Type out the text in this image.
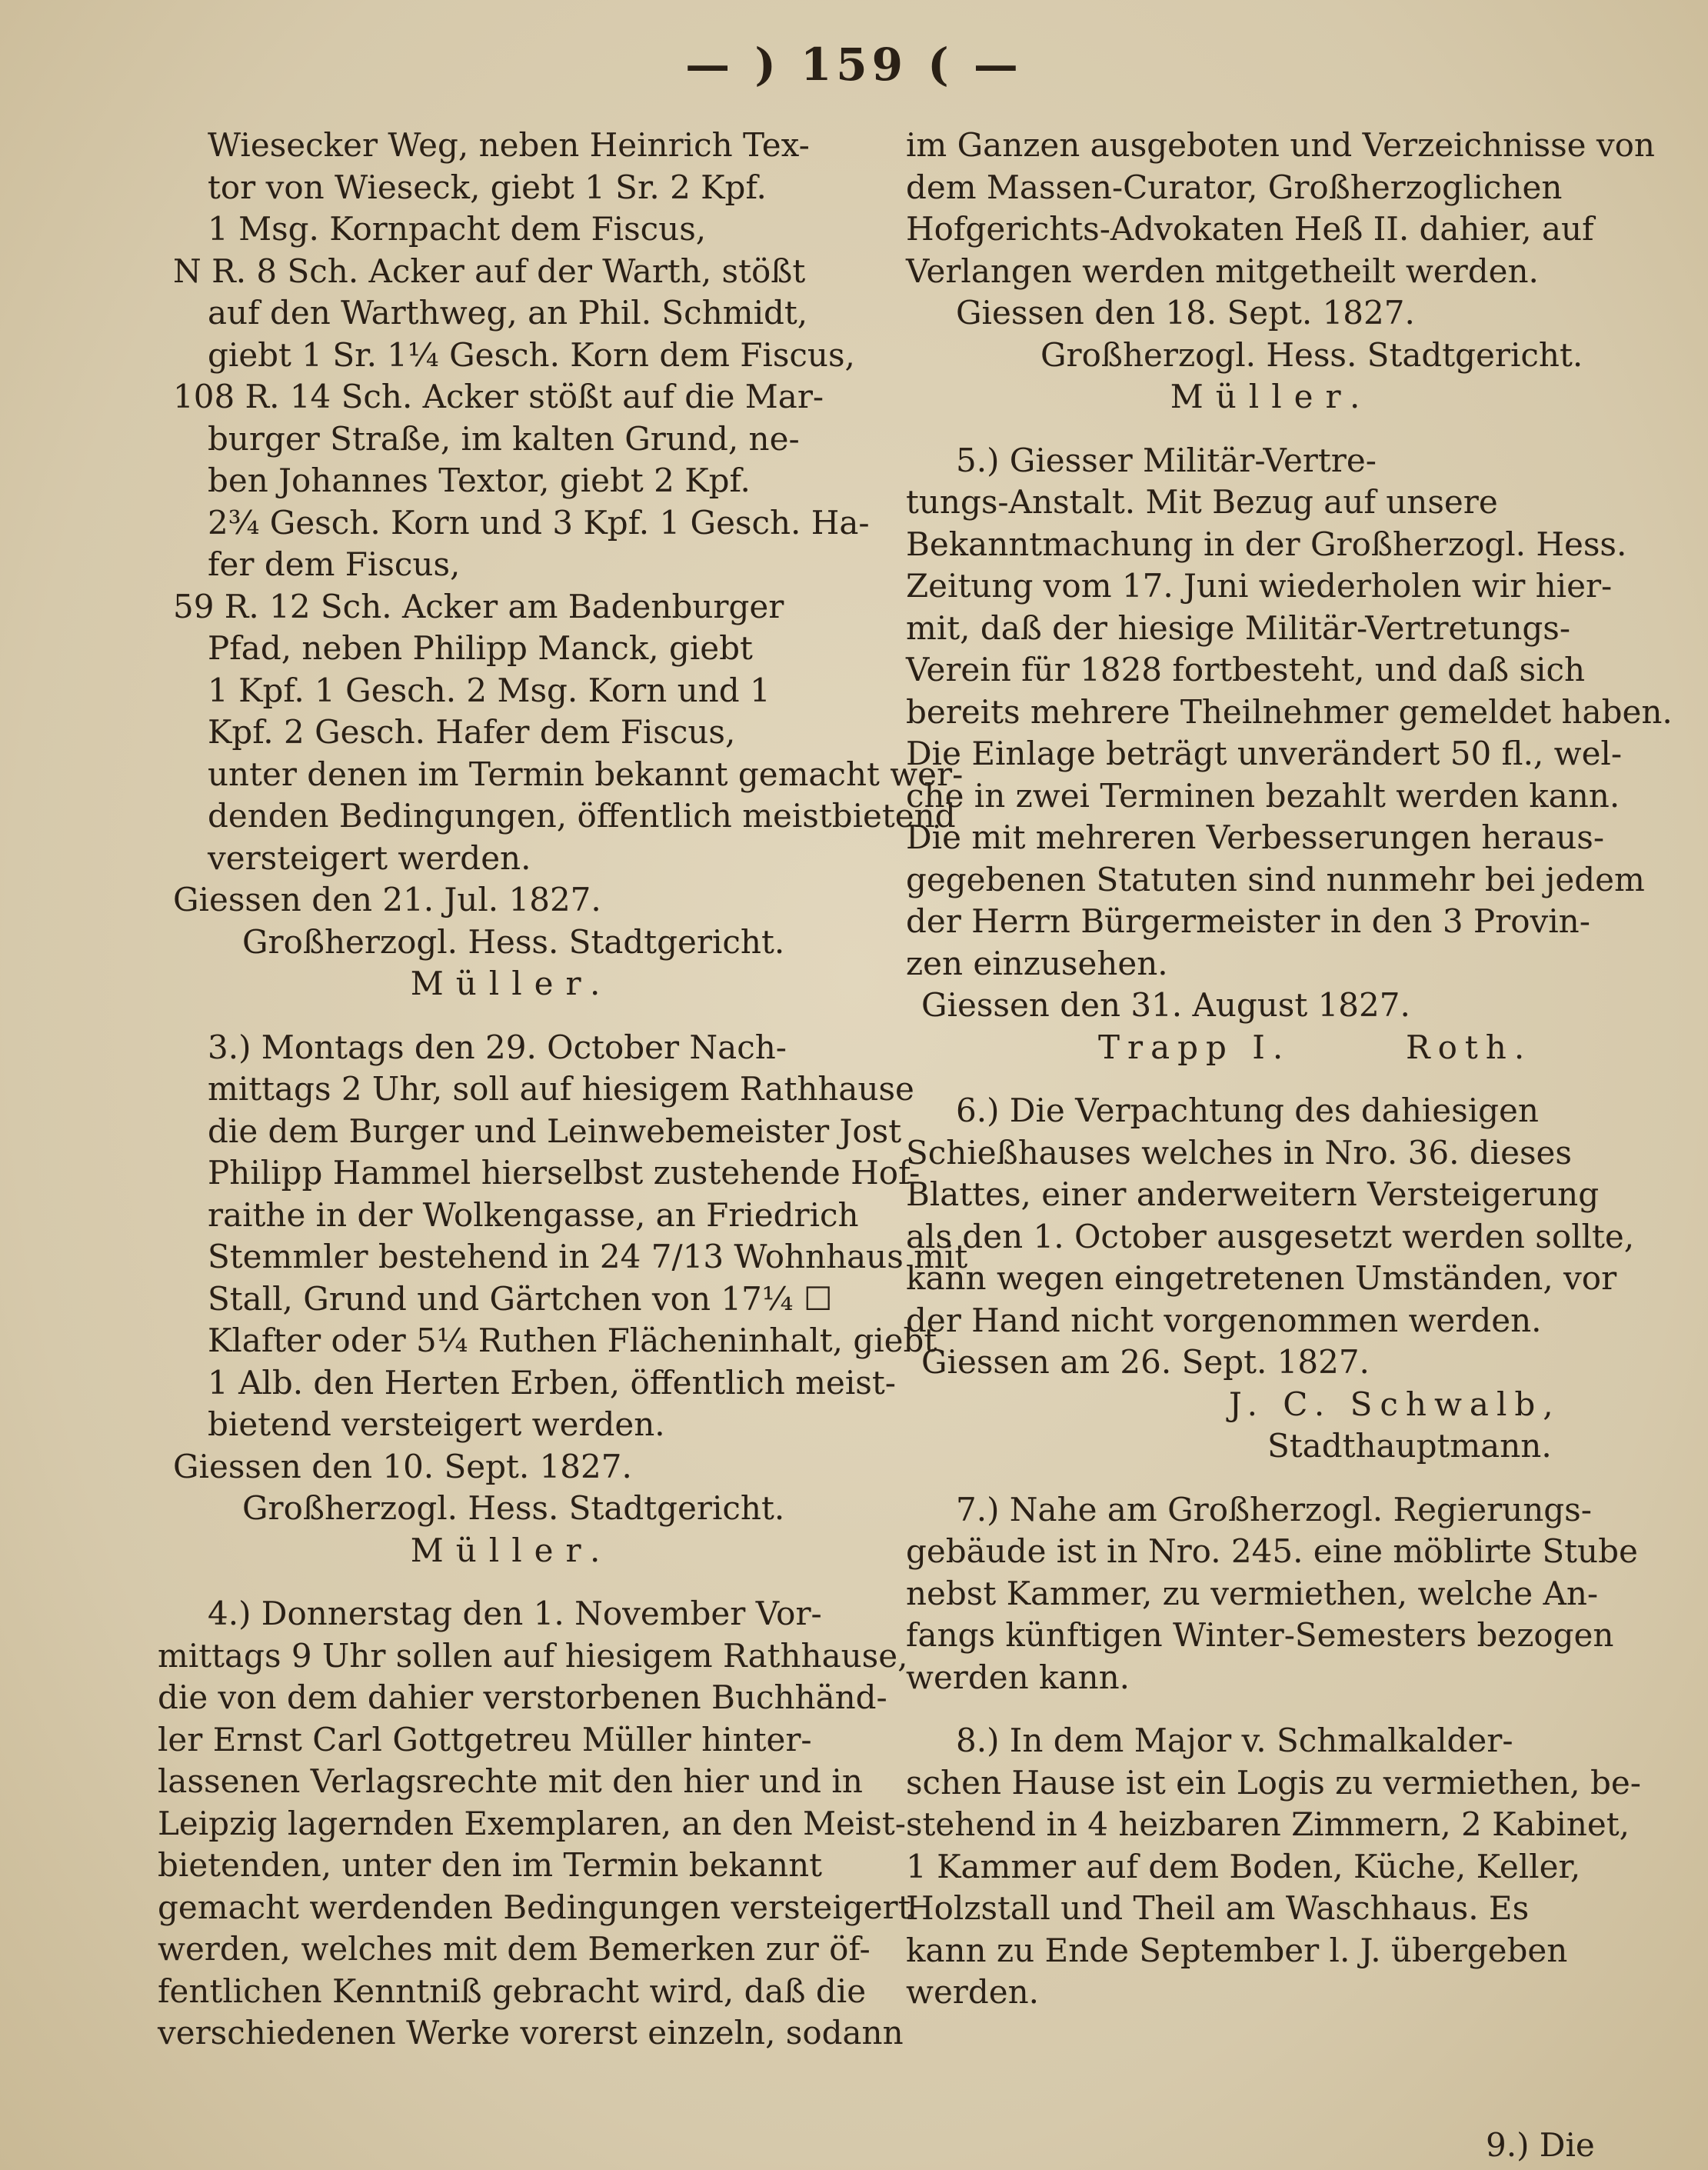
— ) 159 ( —
Wiesecker Weg, neben Heinrich Tex-
tor von Wieseck, giebt 1 Sr. 2 Kpf.
1 Msg. Kornpacht dem Fiscus,
N R. 8 Sch. Acker auf der Warth, stößt
auf den Warthweg, an Phil. Schmidt,
giebt 1 Sr. 1¼ Gesch. Korn dem Fiscus,
108 R. 14 Sch. Acker stößt auf die Mar-
burger Straße, im kalten Grund, ne-
ben Johannes Textor, giebt 2 Kpf.
2¾ Gesch. Korn und 3 Kpf. 1 Gesch. Ha-
fer dem Fiscus,
59 R. 12 Sch. Acker am Badenburger
Pfad, neben Philipp Manck, giebt
1 Kpf. 1 Gesch. 2 Msg. Korn und 1
Kpf. 2 Gesch. Hafer dem Fiscus,
unter denen im Termin bekannt gemacht wer-
denden Bedingungen, öffentlich meistbietend
versteigert werden.
Giessen den 21. Jul. 1827.
Großherzogl. Hess. Stadtgericht.
Müller.
3.) Montags den 29. October Nach-
mittags 2 Uhr, soll auf hiesigem Rathhause
die dem Burger und Leinwebemeister Jost
Philipp Hammel hierselbst zustehende Hof-
raithe in der Wolkengasse, an Friedrich
Stemmler bestehend in 24 7/13 Wohnhaus mit
Stall, Grund und Gärtchen von 17¼ ☐
Klafter oder 5¼ Ruthen Flächeninhalt, giebt
1 Alb. den Herten Erben, öffentlich meist-
bietend versteigert werden.
Giessen den 10. Sept. 1827.
Großherzogl. Hess. Stadtgericht.
Müller.
4.) Donnerstag den 1. November Vor-
mittags 9 Uhr sollen auf hiesigem Rathhause,
die von dem dahier verstorbenen Buchhänd-
ler Ernst Carl Gottgetreu Müller hinter-
lassenen Verlagsrechte mit den hier und in
Leipzig lagernden Exemplaren, an den Meist-
bietenden, unter den im Termin bekannt
gemacht werdenden Bedingungen versteigert
werden, welches mit dem Bemerken zur öf-
fentlichen Kenntniß gebracht wird, daß die
verschiedenen Werke vorerst einzeln, sodann
im Ganzen ausgeboten und Verzeichnisse von
dem Massen-Curator, Großherzoglichen
Hofgerichts-Advokaten Heß II. dahier, auf
Verlangen werden mitgetheilt werden.
Giessen den 18. Sept. 1827.
Großherzogl. Hess. Stadtgericht.
Müller.
5.) Giesser Militär-Vertre-
tungs-Anstalt. Mit Bezug auf unsere
Bekanntmachung in der Großherzogl. Hess.
Zeitung vom 17. Juni wiederholen wir hier-
mit, daß der hiesige Militär-Vertretungs-
Verein für 1828 fortbesteht, und daß sich
bereits mehrere Theilnehmer gemeldet haben.
Die Einlage beträgt unverändert 50 fl., wel-
che in zwei Terminen bezahlt werden kann.
Die mit mehreren Verbesserungen heraus-
gegebenen Statuten sind nunmehr bei jedem
der Herrn Bürgermeister in den 3 Provin-
zen einzusehen.
Giessen den 31. August 1827.
Trapp I.	Roth.
6.) Die Verpachtung des dahiesigen
Schießhauses welches in Nro. 36. dieses
Blattes, einer anderweitern Versteigerung
als den 1. October ausgesetzt werden sollte,
kann wegen eingetretenen Umständen, vor
der Hand nicht vorgenommen werden.
Giessen am 26. Sept. 1827.
J. C. Schwalb,
Stadthauptmann.
7.) Nahe am Großherzogl. Regierungs-
gebäude ist in Nro. 245. eine möblirte Stube
nebst Kammer, zu vermiethen, welche An-
fangs künftigen Winter-Semesters bezogen
werden kann.
8.) In dem Major v. Schmalkalder-
schen Hause ist ein Logis zu vermiethen, be-
stehend in 4 heizbaren Zimmern, 2 Kabinet,
1 Kammer auf dem Boden, Küche, Keller,
Holzstall und Theil am Waschhaus. Es
kann zu Ende September l. J. übergeben
werden.
9.) Die
